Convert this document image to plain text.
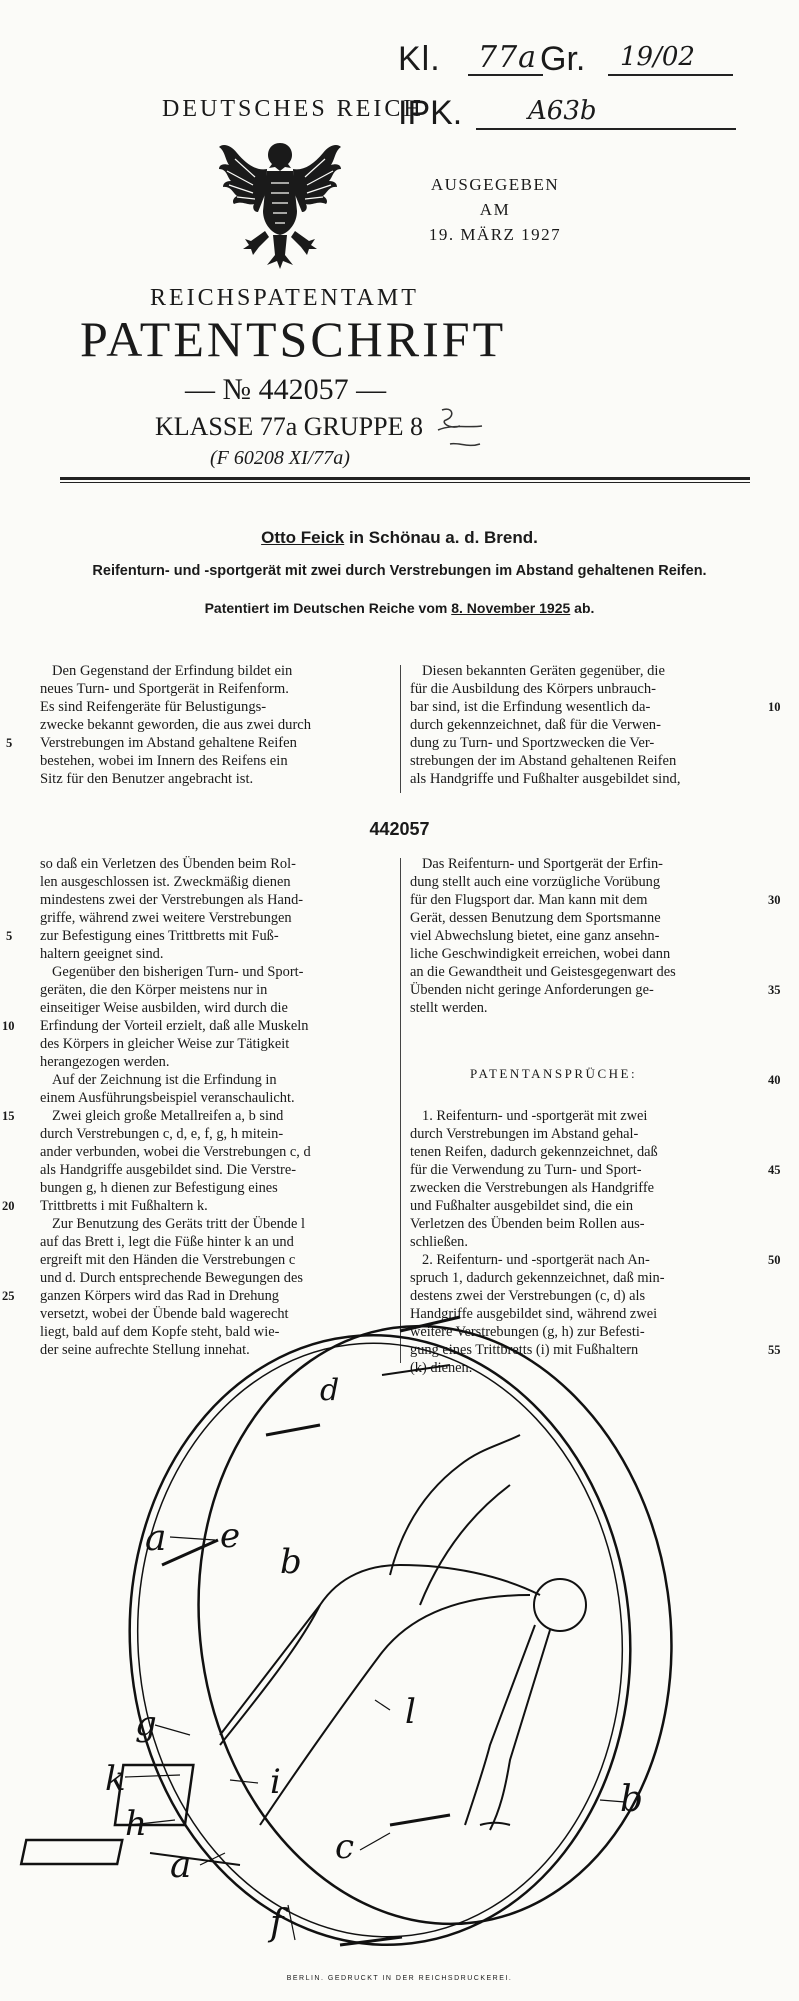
Kl. 77a Gr. 19/02
DEUTSCHES REICH
IPK.	A63b
AUSGEGEBEN AM
19. MÄRZ 1927
REICHSPATENTAMT
PATENTSCHRIFT
— № 442057 —
KLASSE 77a GRUPPE 8
(F 60208 XI/77a)
Otto Feick in Schönau a. d. Brend.
Reifenturn- und -sportgerät mit zwei durch Verstrebungen im Abstand gehaltenen Reifen.
Patentiert im Deutschen Reiche vom 8. November 1925 ab.
Den Gegenstand der Erfindung bildet ein
neues Turn- und Sportgerät in Reifenform.
Es sind Reifengeräte für Belustigungs-
zwecke bekannt geworden, die aus zwei durch
Verstrebungen im Abstand gehaltene Reifen
bestehen, wobei im Innern des Reifens ein
Sitz für den Benutzer angebracht ist.
5
Diesen bekannten Geräten gegenüber, die
für die Ausbildung des Körpers unbrauch-
bar sind, ist die Erfindung wesentlich da-
durch gekennzeichnet, daß für die Verwen-
dung zu Turn- und Sportzwecken die Ver-
strebungen der im Abstand gehaltenen Reifen
als Handgriffe und Fußhalter ausgebildet sind,
10
442057
so daß ein Verletzen des Übenden beim Rol-
len ausgeschlossen ist. Zweckmäßig dienen
mindestens zwei der Verstrebungen als Hand-
griffe, während zwei weitere Verstrebungen
zur Befestigung eines Trittbretts mit Fuß-
haltern geeignet sind.
Gegenüber den bisherigen Turn- und Sport-
geräten, die den Körper meistens nur in
einseitiger Weise ausbilden, wird durch die
Erfindung der Vorteil erzielt, daß alle Muskeln
des Körpers in gleicher Weise zur Tätigkeit
herangezogen werden.
Auf der Zeichnung ist die Erfindung in
einem Ausführungsbeispiel veranschaulicht.
Zwei gleich große Metallreifen a, b sind
durch Verstrebungen c, d, e, f, g, h mitein-
ander verbunden, wobei die Verstrebungen c, d
als Handgriffe ausgebildet sind. Die Verstre-
bungen g, h dienen zur Befestigung eines
Trittbretts i mit Fußhaltern k.
Zur Benutzung des Geräts tritt der Übende l
auf das Brett i, legt die Füße hinter k an und
ergreift mit den Händen die Verstrebungen c
und d. Durch entsprechende Bewegungen des
ganzen Körpers wird das Rad in Drehung
versetzt, wobei der Übende bald wagerecht
liegt, bald auf dem Kopfe steht, bald wie-
der seine aufrechte Stellung innehat.
5
10
15
20
25
Das Reifenturn- und Sportgerät der Erfin-
dung stellt auch eine vorzügliche Vorübung
für den Flugsport dar. Man kann mit dem
Gerät, dessen Benutzung dem Sportsmanne
viel Abwechslung bietet, eine ganz ansehn-
liche Geschwindigkeit erreichen, wobei dann
an die Gewandtheit und Geistesgegenwart des
Übenden nicht geringe Anforderungen ge-
stellt werden.
PATENTANSPRÜCHE:
1. Reifenturn- und -sportgerät mit zwei
durch Verstrebungen im Abstand gehal-
tenen Reifen, dadurch gekennzeichnet, daß
für die Verwendung zu Turn- und Sport-
zwecken die Verstrebungen als Handgriffe
und Fußhalter ausgebildet sind, die ein
Verletzen des Übenden beim Rollen aus-
schließen.
2. Reifenturn- und -sportgerät nach An-
spruch 1, dadurch gekennzeichnet, daß min-
destens zwei der Verstrebungen (c, d) als
Handgriffe ausgebildet sind, während zwei
weitere Verstrebungen (g, h) zur Befesti-
gung eines Trittbretts (i) mit Fußhaltern
(k) dienen.
30
35
40
45
50
55
d
a e
b
l
g
k	i
h
c
b
a
f
BERLIN. GEDRUCKT IN DER REICHSDRUCKEREI.
